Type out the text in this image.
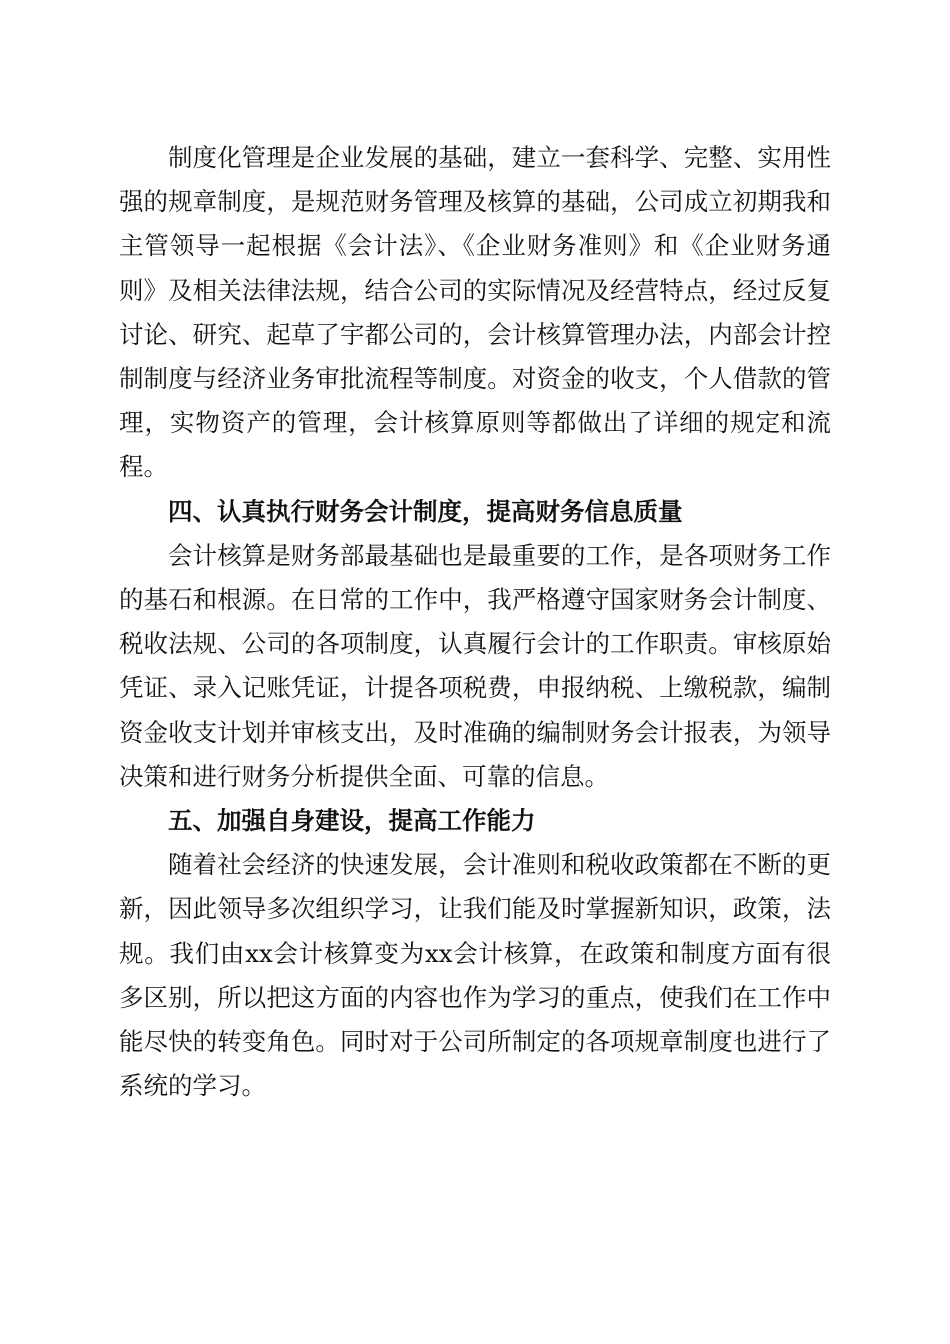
制度化管理是企业发展的基础，建立一套科学、完整、实用性强的规章制度，是规范财务管理及核算的基础，公司成立初期我和主管领导一起根据《会计法》、《企业财务准则》和《企业财务通则》及相关法律法规，结合公司的实际情况及经营特点，经过反复讨论、研究、起草了宇都公司的，会计核算管理办法，内部会计控制制度与经济业务审批流程等制度。对资金的收支，个人借款的管理，实物资产的管理，会计核算原则等都做出了详细的规定和流程。

四、认真执行财务会计制度，提高财务信息质量

会计核算是财务部最基础也是最重要的工作，是各项财务工作的基石和根源。在日常的工作中，我严格遵守国家财务会计制度、税收法规、公司的各项制度，认真履行会计的工作职责。审核原始凭证、录入记账凭证，计提各项税费，申报纳税、上缴税款，编制资金收支计划并审核支出，及时准确的编制财务会计报表，为领导决策和进行财务分析提供全面、可靠的信息。

五、加强自身建设，提高工作能力

随着社会经济的快速发展，会计准则和税收政策都在不断的更新，因此领导多次组织学习，让我们能及时掌握新知识，政策，法规。我们由xx会计核算变为xx会计核算，在政策和制度方面有很多区别，所以把这方面的内容也作为学习的重点，使我们在工作中能尽快的转变角色。同时对于公司所制定的各项规章制度也进行了系统的学习。
